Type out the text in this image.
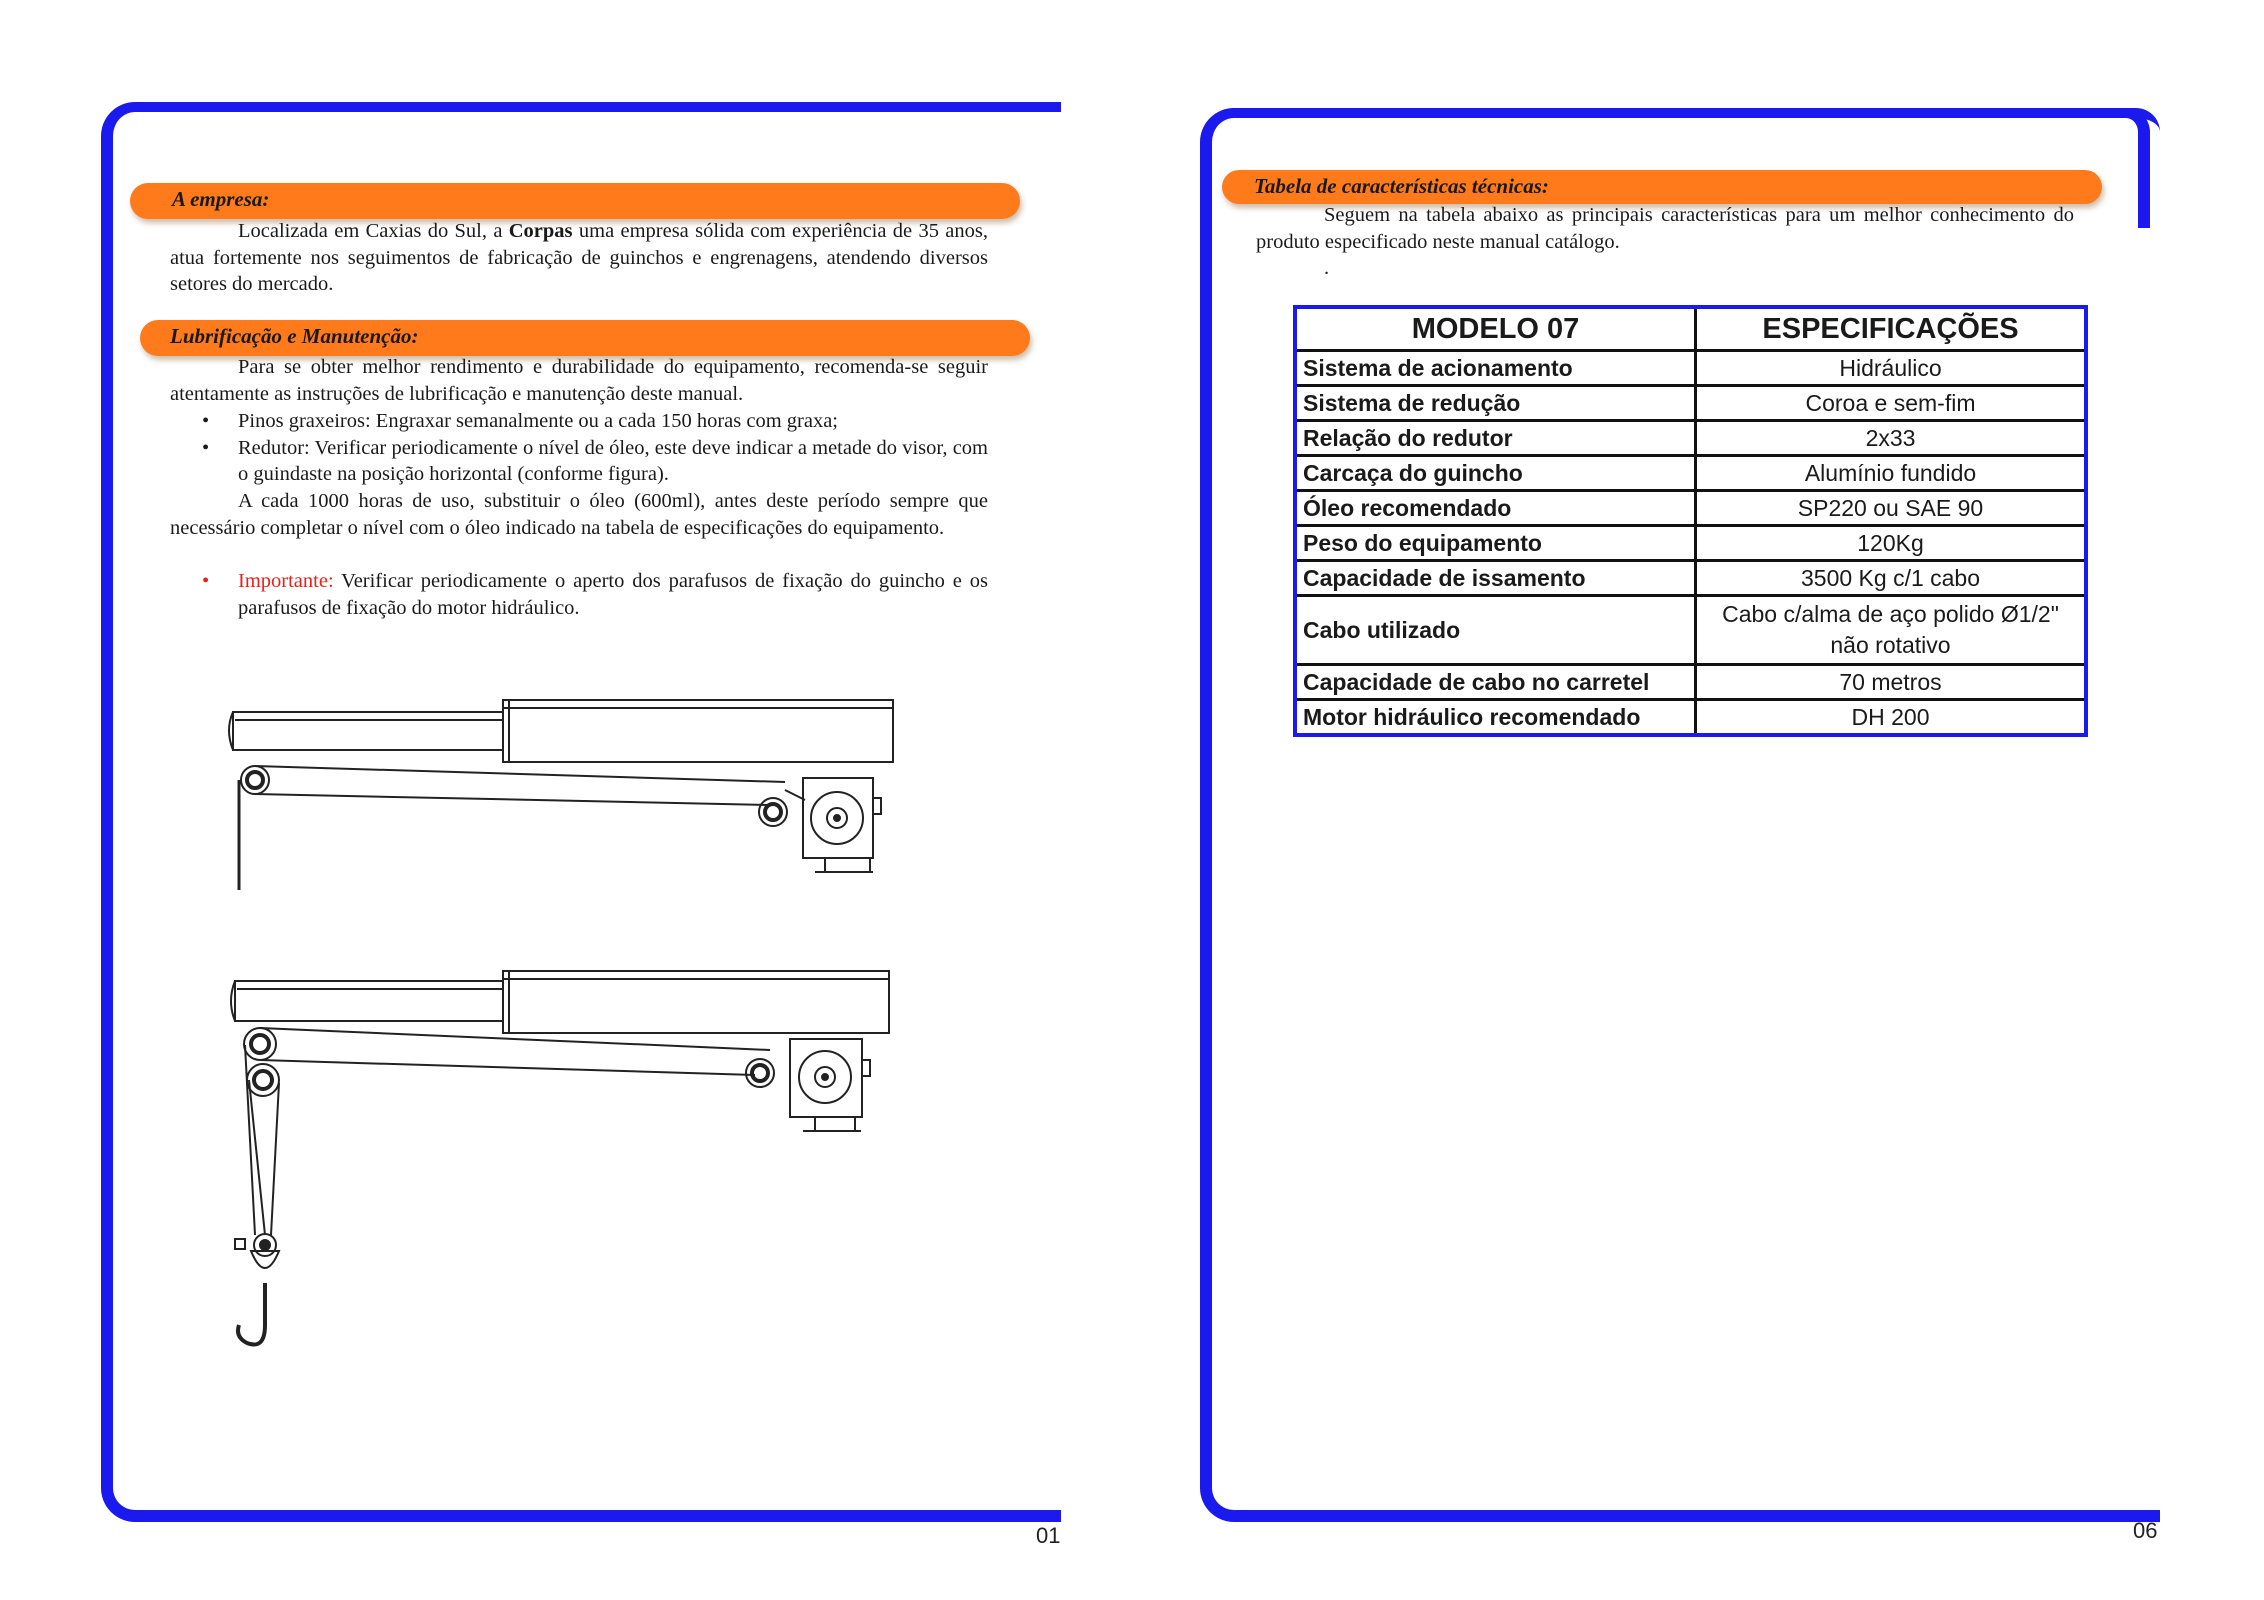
A empresa:
Localizada em Caxias do Sul, a Corpas uma empresa sólida com experiência de 35 anos, atua fortemente nos seguimentos de fabricação de guinchos e engrenagens, atendendo diversos setores do mercado.
Lubrificação e Manutenção:
Para se obter melhor rendimento e durabilidade do equipamento, recomenda-se seguir atentamente as instruções de lubrificação e manutenção deste manual.
• Pinos graxeiros: Engraxar semanalmente ou a cada 150 horas com graxa;
• Redutor: Verificar periodicamente o nível de óleo, este deve indicar a metade do visor, com o guindaste na posição horizontal (conforme figura).
A cada 1000 horas de uso, substituir o óleo (600ml), antes deste período sempre que necessário completar o nível com o óleo indicado na tabela de especificações do equipamento.
• Importante: Verificar periodicamente o aperto dos parafusos de fixação do guincho e os parafusos de fixação do motor hidráulico.
01
Tabela de características técnicas:
Seguem na tabela abaixo as principais características para um melhor conhecimento do produto especificado neste manual catálogo.
.
MODELO 07	ESPECIFICAÇÕES
Sistema de acionamento	Hidráulico
Sistema de redução	Coroa e sem-fim
Relação do redutor	2x33
Carcaça do guincho	Alumínio fundido
Óleo recomendado	SP220 ou SAE 90
Peso do equipamento	120Kg
Capacidade de issamento	3500 Kg c/1 cabo
Cabo utilizado	Cabo c/alma de aço polido Ø1/2"
não rotativo

Capacidade de cabo no carretel	70 metros
Motor hidráulico recomendado	DH 200
06
